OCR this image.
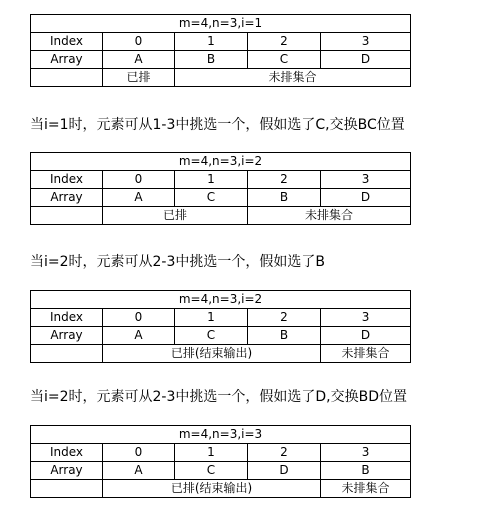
m=4,n=3,i=1				
Index	0	1	2	3
Array	A	B	C	D
	已排	未排集合		
当i=1时，元素可从1-3中挑选一个，假如选了C,交换BC位置
m=4,n=3,i=2				
Index	0	1	2	3
Array	A	C	B	D
	已排		未排集合	
当i=2时，元素可从2-3中挑选一个，假如选了B
m=4,n=3,i=2				
Index	0	1	2	3
Array	A	C	B	D
	已排(结束输出)			未排集合
当i=2时，元素可从2-3中挑选一个，假如选了D,交换BD位置
m=4,n=3,i=3				
Index	0	1	2	3
Array	A	C	D	B
	已排(结束输出)			未排集合
